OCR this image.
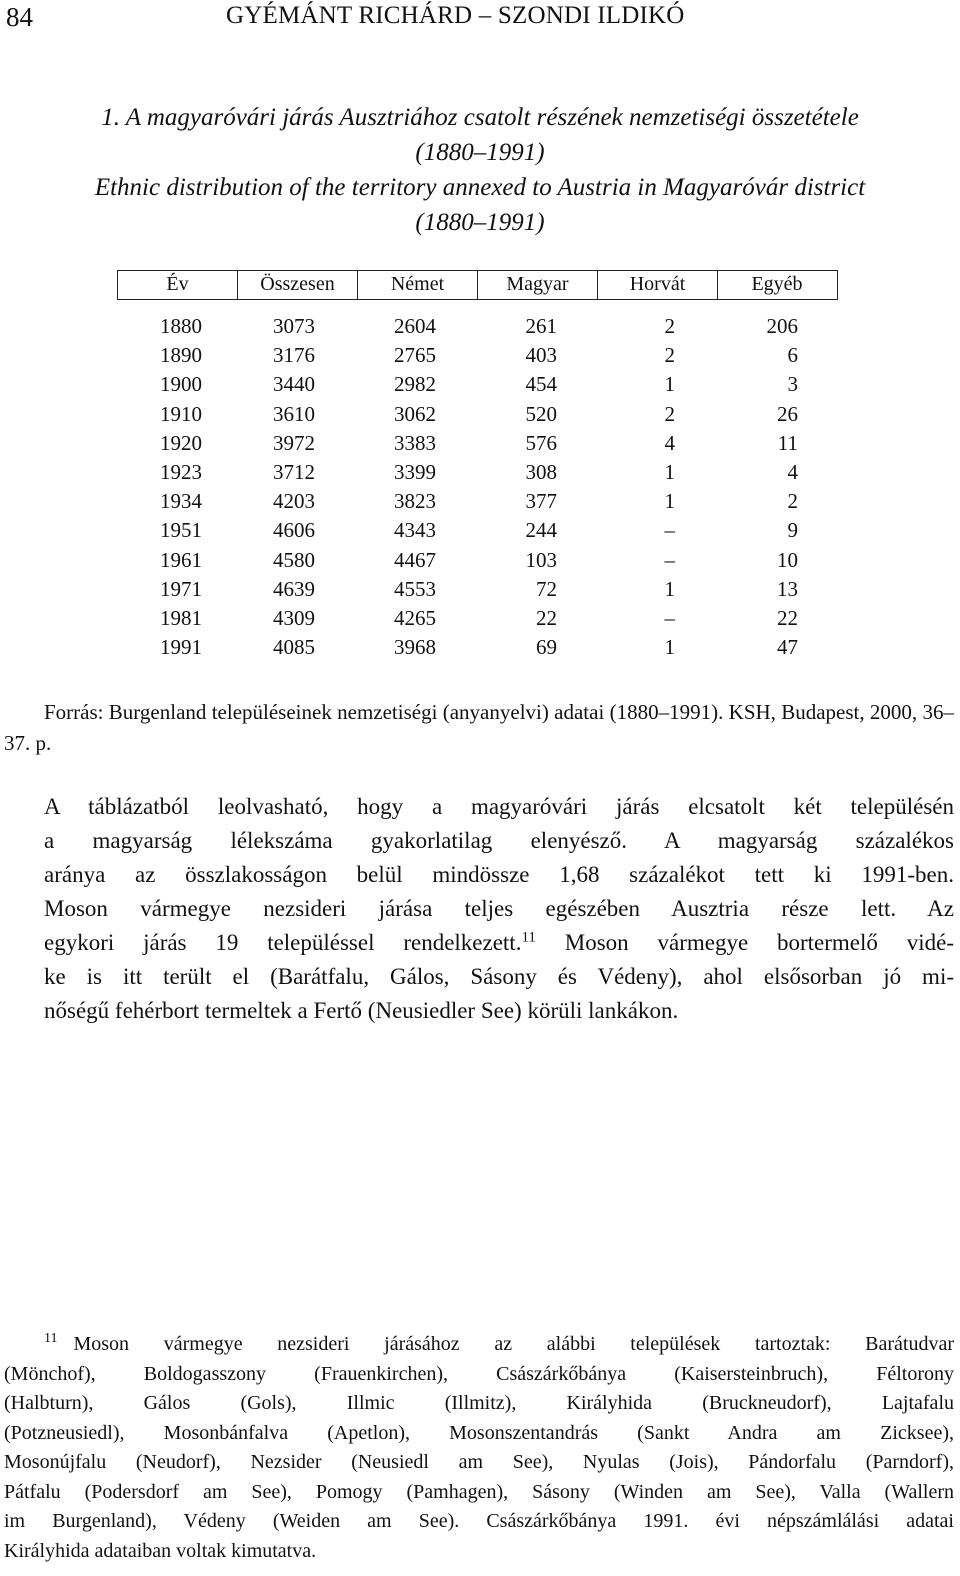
84	GYÉMÁNT RICHÁRD – SZONDI ILDIKÓ
1. A magyaróvári járás Ausztriához csatolt részének nemzetiségi összetétele
(1880–1991)
Ethnic distribution of the territory annexed to Austria in Magyaróvár district
(1880–1991)
Év	Összesen	Német	Magyar	Horvát	Egyéb
1880	3073	2604	261	2	206
1890	3176	2765	403	2	6
1900	3440	2982	454	1	3
1910	3610	3062	520	2	26
1920	3972	3383	576	4	11
1923	3712	3399	308	1	4
1934	4203	3823	377	1	2
1951	4606	4343	244	–	9
1961	4580	4467	103	–	10
1971	4639	4553	72	1	13
1981	4309	4265	22	–	22
1991	4085	3968	69	1	47
Forrás: Burgenland településeinek nemzetiségi (anyanyelvi) adatai (1880–1991). KSH, Budapest, 2000, 36–37. p.
A táblázatból leolvasható, hogy a magyaróvári járás elcsatolt két településén
a magyarság lélekszáma gyakorlatilag elenyésző. A magyarság százalékos
aránya az összlakosságon belül mindössze 1,68 százalékot tett ki 1991-ben.
Moson vármegye nezsideri járása teljes egészében Ausztria része lett. Az
egykori járás 19 településsel rendelkezett.$^{11}$ Moson vármegye bortermelő vidé-
ke is itt terült el (Barátfalu, Gálos, Sásony és Védeny), ahol elsősorban jó mi-
nőségű fehérbort termeltek a Fertő (Neusiedler See) körüli lankákon.
$^{11}$ Moson vármegye nezsideri járásához az alábbi települések tartoztak: Barátudvar
(Mönchof), Boldogasszony (Frauenkirchen), Császárkőbánya (Kaisersteinbruch), Féltorony
(Halbturn), Gálos (Gols), Illmic (Illmitz), Királyhida (Bruckneudorf), Lajtafalu
(Potzneusiedl), Mosonbánfalva (Apetlon), Mosonszentandrás (Sankt Andra am Zicksee),
Mosonújfalu (Neudorf), Nezsider (Neusiedl am See), Nyulas (Jois), Pándorfalu (Parndorf),
Pátfalu (Podersdorf am See), Pomogy (Pamhagen), Sásony (Winden am See), Valla (Wallern
im Burgenland), Védeny (Weiden am See). Császárkőbánya 1991. évi népszámlálási adatai
Királyhida adataiban voltak kimutatva.
